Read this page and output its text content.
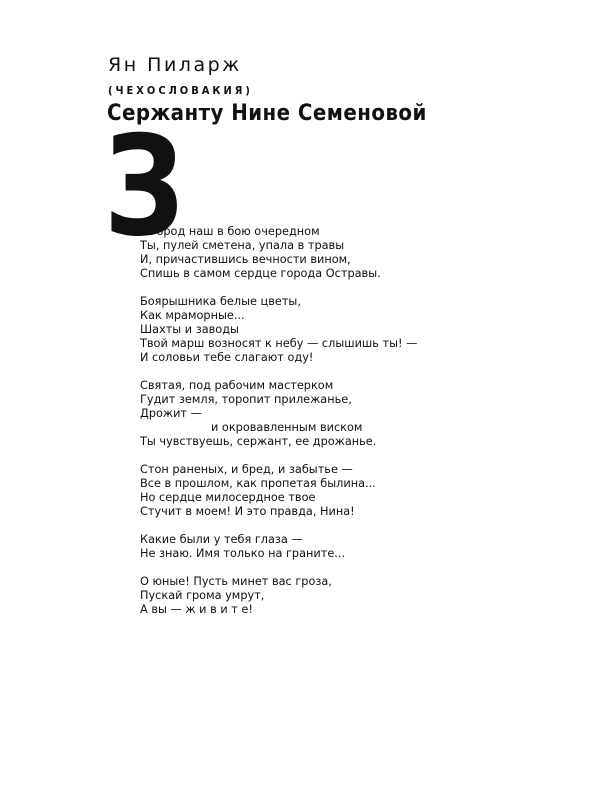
Ян Пиларж
(ЧЕХОСЛОВАКИЯ)
Сержанту Нине Семеновой
З
а город наш в бою очередном
Ты, пулей сметена, упала в травы
И, причастившись вечности вином,
Спишь в самом сердце города Остравы.
Боярышника белые цветы,
Как мраморные...
Шахты и заводы
Твой марш возносят к небу — слышишь ты! —
И соловьи тебе слагают оду!
Святая, под рабочим мастерком
Гудит земля, торопит прилежанье,
Дрожит —
и окровавленным виском
Ты чувствуешь, сержант, ее дрожанье.
Стон раненых, и бред, и забытье —
Все в прошлом, как пропетая былина...
Но сердце милосердное твое
Стучит в моем! И это правда, Нина!
Какие были у тебя глаза —
Не знаю. Имя только на граните...
О юные! Пусть минет вас гроза,
Пускай грома умрут,
А вы — ж и в и т е!
